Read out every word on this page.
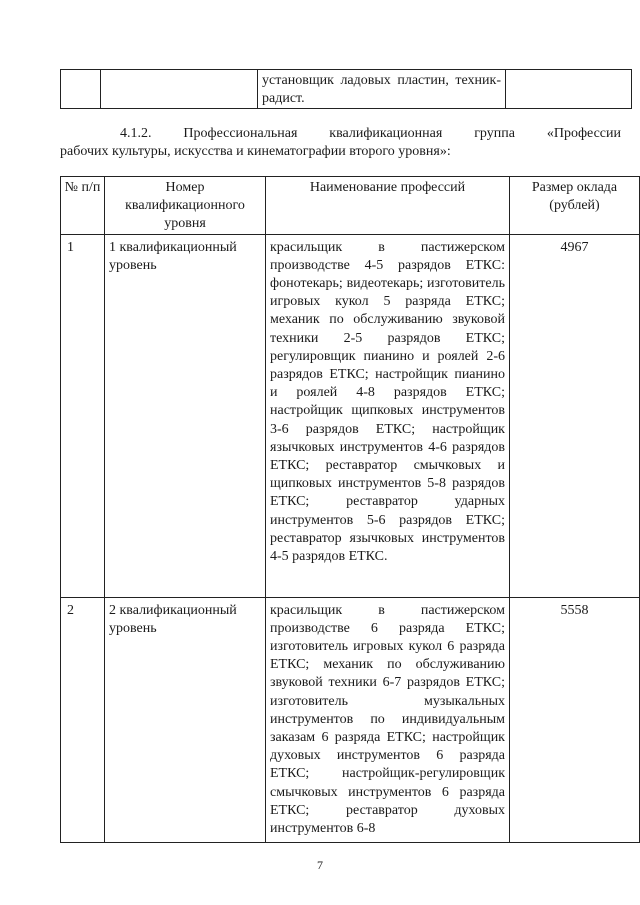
		установщик ладовых пластин, техник-радист.	

4.1.2. Профессиональная квалификационная группа «Профессии
рабочих культуры, искусства и кинематографии второго уровня»:

№ п/п	Номер квалификационного уровня	Наименование профессий	Размер оклада (рублей)
1	1 квалификационный уровень	красильщик в пастижерском производстве 4-5 разрядов ЕТКС: фонотекарь; видеотекарь; изготовитель игровых кукол 5 разряда ЕТКС; механик по обслуживанию звуковой техники 2-5 разрядов ЕТКС; регулировщик пианино и роялей 2-6 разрядов ЕТКС; настройщик пианино и роялей 4-8 разрядов ЕТКС; настройщик щипковых инструментов 3-6 разрядов ЕТКС; настройщик язычковых инструментов 4-6 разрядов ЕТКС; реставратор смычковых и щипковых инструментов 5-8 разрядов ЕТКС; реставратор ударных инструментов 5-6 разрядов ЕТКС; реставратор язычковых инструментов 4-5 разрядов ЕТКС.	4967
2	2 квалификационный уровень	красильщик в пастижерском производстве 6 разряда ЕТКС; изготовитель игровых кукол 6 разряда ЕТКС; механик по обслуживанию звуковой техники 6-7 разрядов ЕТКС; изготовитель музыкальных инструментов по индивидуальным заказам 6 разряда ЕТКС; настройщик духовых инструментов 6 разряда ЕТКС; настройщик-регулировщик смычковых инструментов 6 разряда ЕТКС; реставратор духовых инструментов 6-8	5558
7
